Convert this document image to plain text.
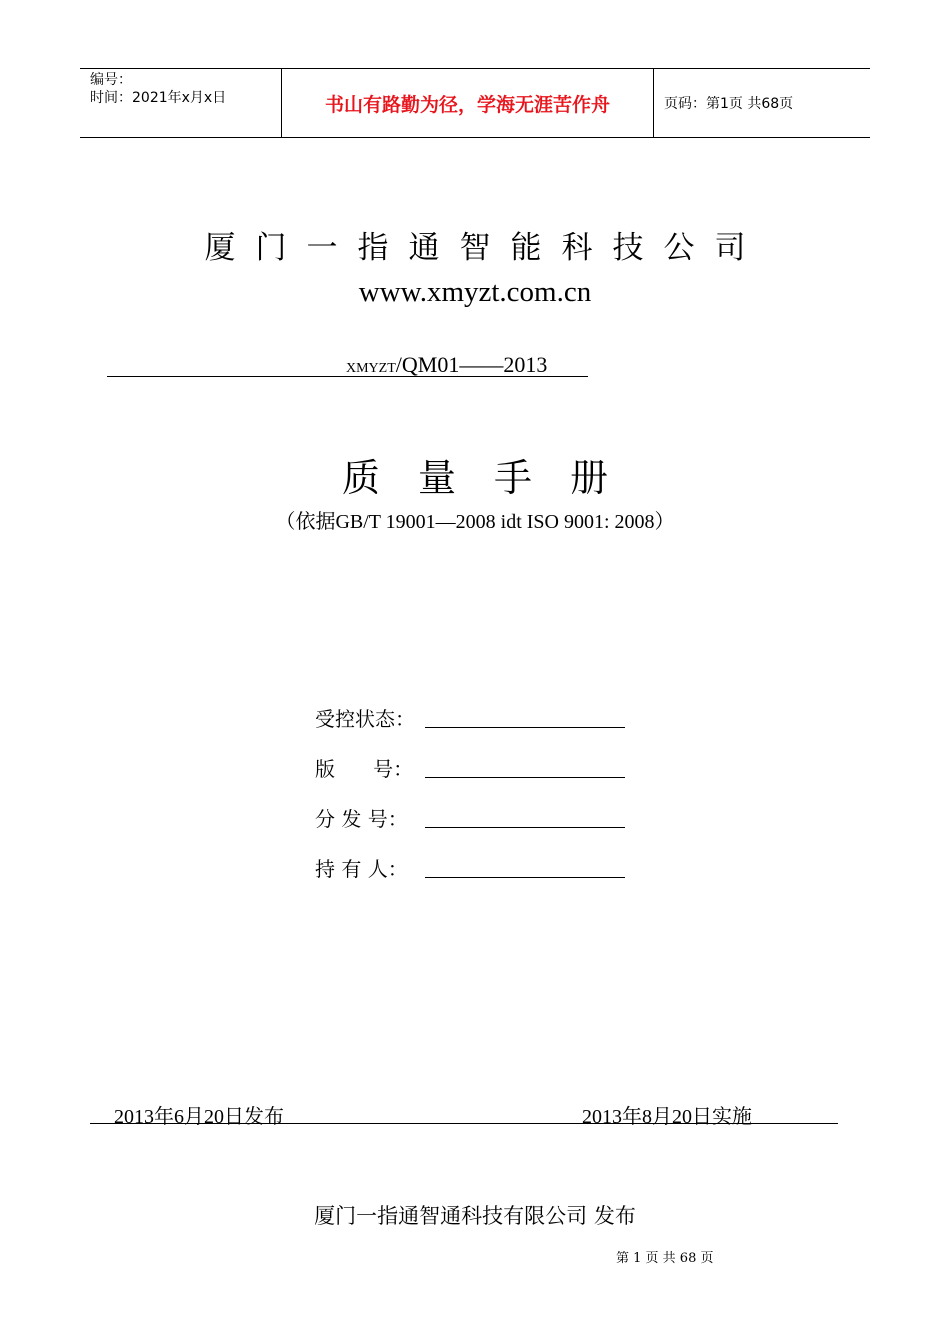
编号：
时间：2021年x月x日	书山有路勤为径，学海无涯苦作舟	页码：第1页 共68页
厦门一指通智能科技公司
www.xmyzt.com.cn
XMYZT/QM01——2013
质量手册
（依据GB/T 19001—2008 idt ISO 9001: 2008）
受控状态：
版      号：
分 发 号：
持 有 人：
2013年6月20日发布	2013年8月20日实施
厦门一指通智通科技有限公司 发布
第 1 页 共 68 页
